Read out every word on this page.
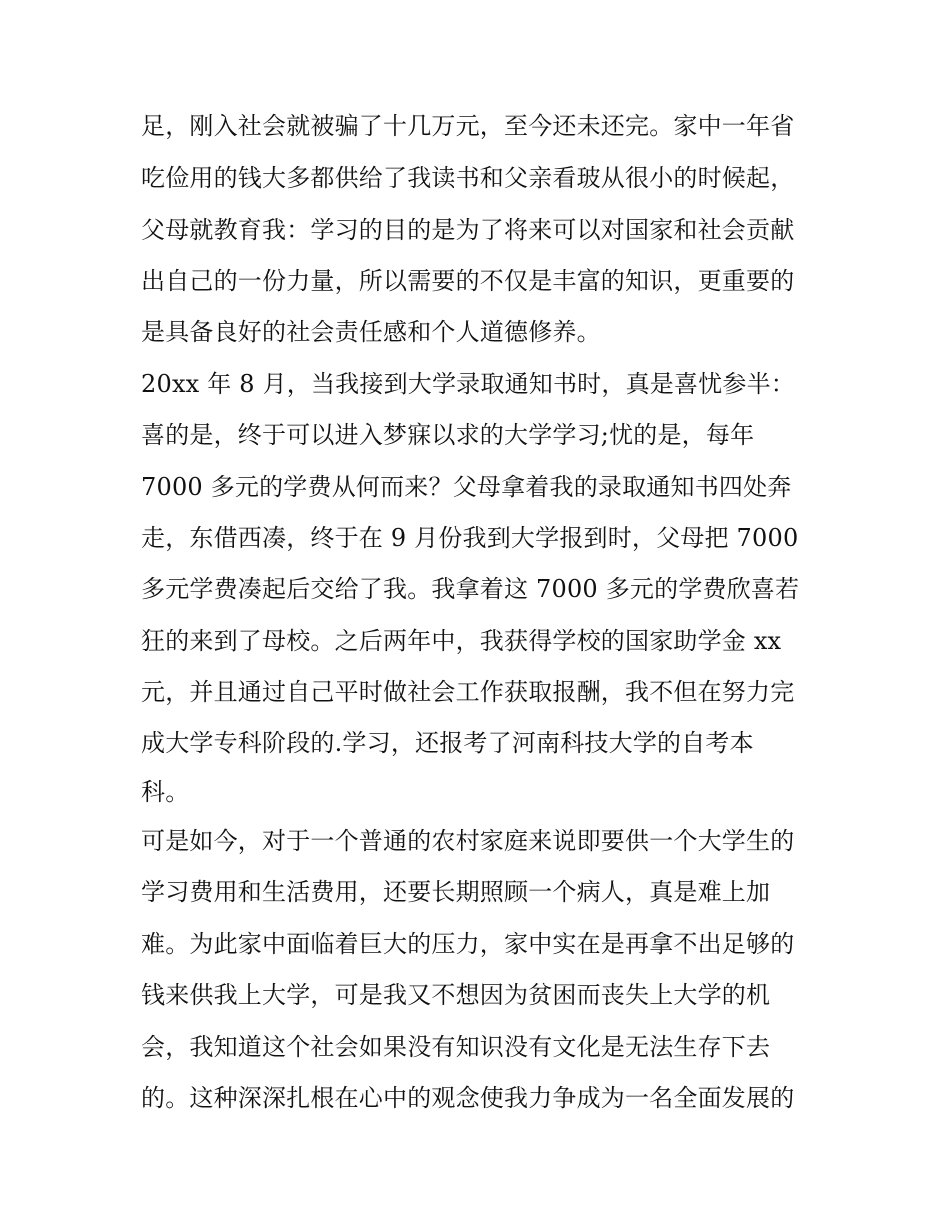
足，刚入社会就被骗了十几万元，至今还未还完。家中一年省
吃俭用的钱大多都供给了我读书和父亲看玻从很小的时候起，
父母就教育我：学习的目的是为了将来可以对国家和社会贡献
出自己的一份力量，所以需要的不仅是丰富的知识，更重要的
是具备良好的社会责任感和个人道德修养。
20xx 年 8 月，当我接到大学录取通知书时，真是喜忧参半：
喜的是，终于可以进入梦寐以求的大学学习;忧的是，每年
7000 多元的学费从何而来？父母拿着我的录取通知书四处奔
走，东借西凑，终于在 9 月份我到大学报到时，父母把 7000
多元学费凑起后交给了我。我拿着这 7000 多元的学费欣喜若
狂的来到了母校。之后两年中，我获得学校的国家助学金 xx
元，并且通过自己平时做社会工作获取报酬，我不但在努力完
成大学专科阶段的.学习，还报考了河南科技大学的自考本
科。
可是如今，对于一个普通的农村家庭来说即要供一个大学生的
学习费用和生活费用，还要长期照顾一个病人，真是难上加
难。为此家中面临着巨大的压力，家中实在是再拿不出足够的
钱来供我上大学，可是我又不想因为贫困而丧失上大学的机
会，我知道这个社会如果没有知识没有文化是无法生存下去
的。这种深深扎根在心中的观念使我力争成为一名全面发展的
